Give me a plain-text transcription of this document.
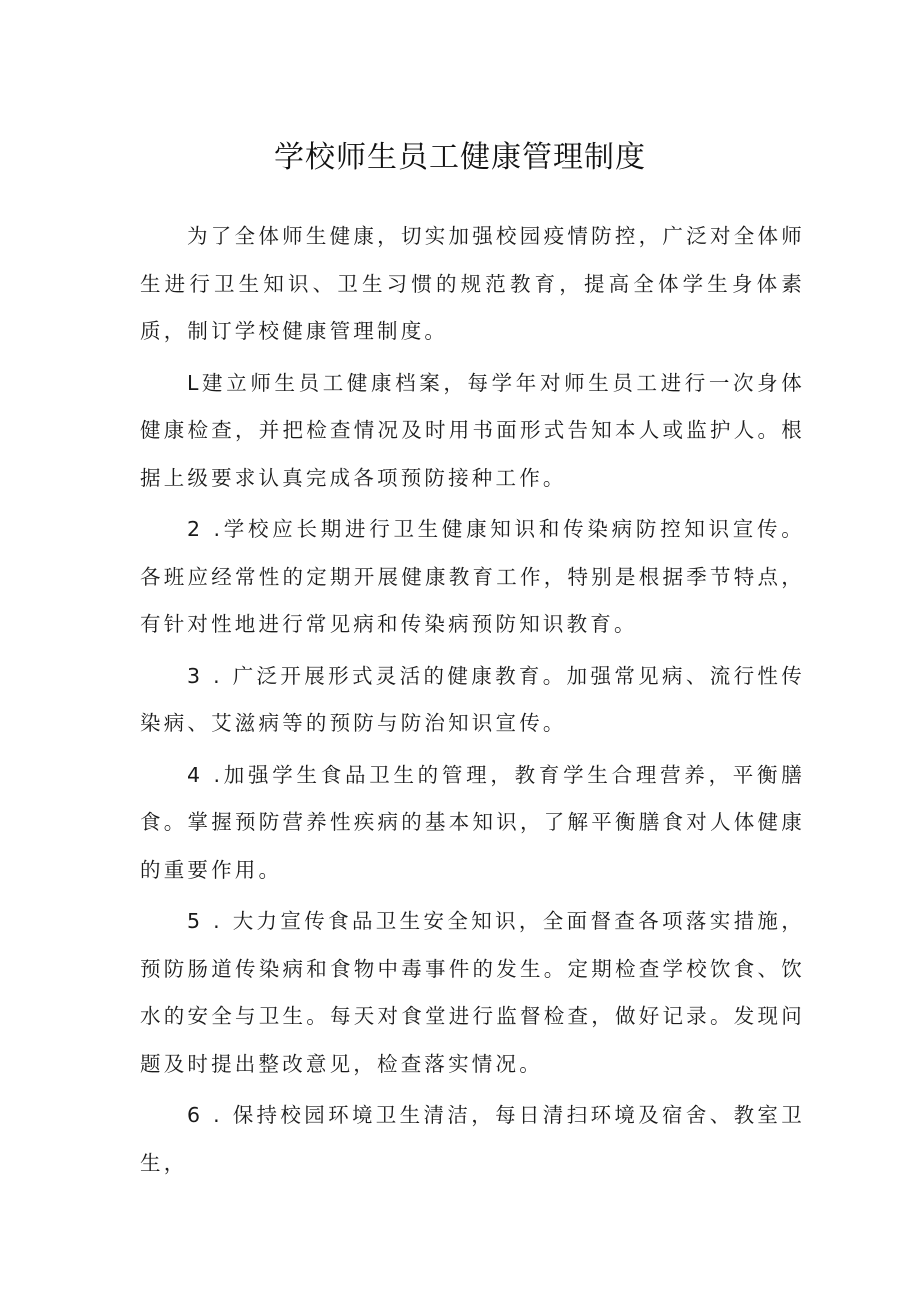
学校师生员工健康管理制度

为了全体师生健康，切实加强校园疫情防控，广泛对全体师生进行卫生知识、卫生习惯的规范教育，提高全体学生身体素质，制订学校健康管理制度。

L建立师生员工健康档案，每学年对师生员工进行一次身体健康检查，并把检查情况及时用书面形式告知本人或监护人。根据上级要求认真完成各项预防接种工作。

2 .学校应长期进行卫生健康知识和传染病防控知识宣传。各班应经常性的定期开展健康教育工作，特别是根据季节特点，有针对性地进行常见病和传染病预防知识教育。

3 . 广泛开展形式灵活的健康教育。加强常见病、流行性传染病、艾滋病等的预防与防治知识宣传。

4 .加强学生食品卫生的管理，教育学生合理营养，平衡膳食。掌握预防营养性疾病的基本知识，了解平衡膳食对人体健康的重要作用。

5 . 大力宣传食品卫生安全知识，全面督查各项落实措施，预防肠道传染病和食物中毒事件的发生。定期检查学校饮食、饮水的安全与卫生。每天对食堂进行监督检查，做好记录。发现问题及时提出整改意见，检查落实情况。

6 . 保持校园环境卫生清洁，每日清扫环境及宿舍、教室卫生，
